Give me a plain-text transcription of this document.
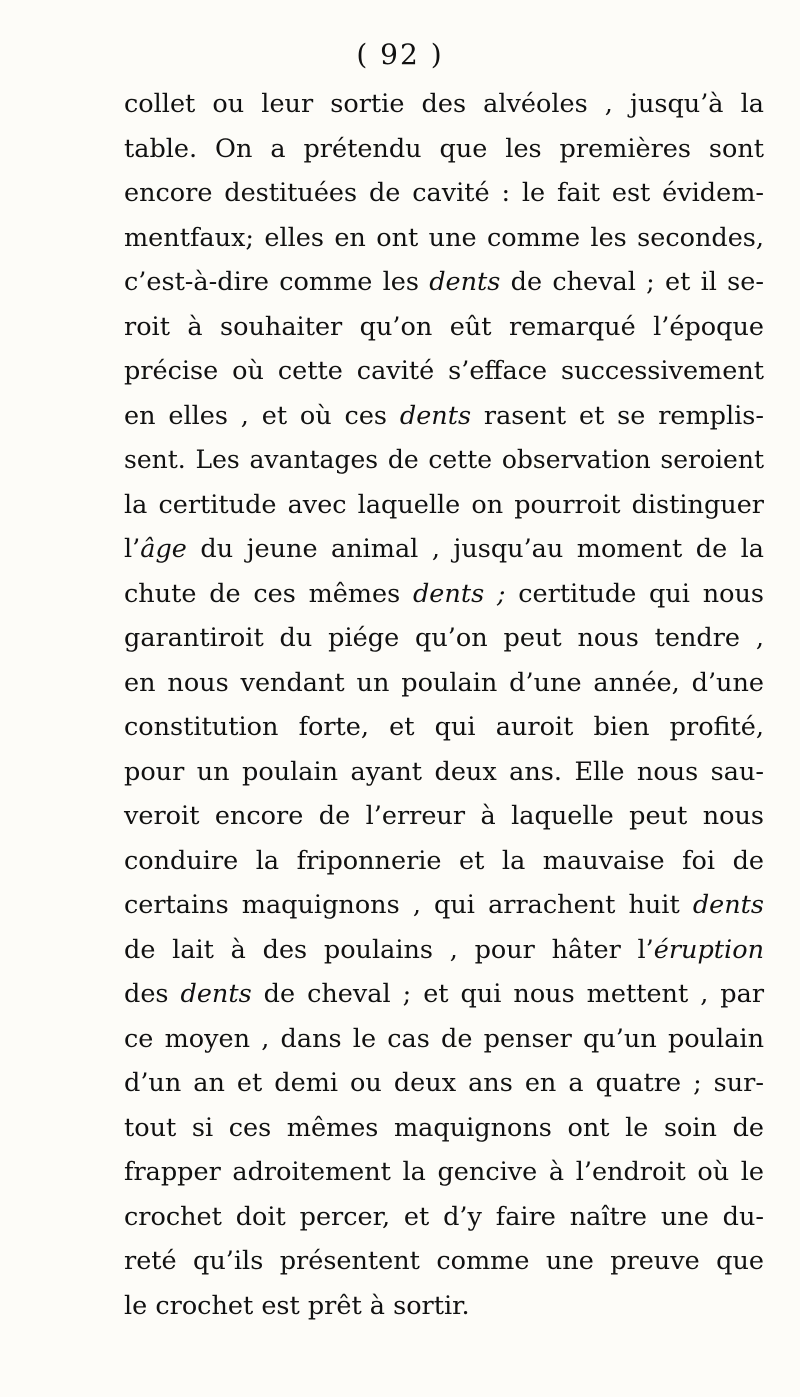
( 92 )
collet ou leur sortie des alvéoles , jusqu’à la
table. On a prétendu que les premières sont
encore destituées de cavité : le fait est évidem-
mentfaux; elles en ont une comme les secondes,
c’est-à-dire comme les dents de cheval ; et il se-
roit à souhaiter qu’on eût remarqué l’époque
précise où cette cavité s’efface successivement
en elles , et où ces dents rasent et se remplis-
sent. Les avantages de cette observation seroient
la certitude avec laquelle on pourroit distinguer
l’âge du jeune animal , jusqu’au moment de la
chute de ces mêmes dents ; certitude qui nous
garantiroit du piége qu’on peut nous tendre ,
en nous vendant un poulain d’une année, d’une
constitution forte, et qui auroit bien profité,
pour un poulain ayant deux ans. Elle nous sau-
veroit encore de l’erreur à laquelle peut nous
conduire la friponnerie et la mauvaise foi de
certains maquignons , qui arrachent huit dents
de lait à des poulains , pour hâter l’éruption
des dents de cheval ; et qui nous mettent , par
ce moyen , dans le cas de penser qu’un poulain
d’un an et demi ou deux ans en a quatre ; sur-
tout si ces mêmes maquignons ont le soin de
frapper adroitement la gencive à l’endroit où le
crochet doit percer, et d’y faire naître une du-
reté qu’ils présentent comme une preuve que
le crochet est prêt à sortir.
